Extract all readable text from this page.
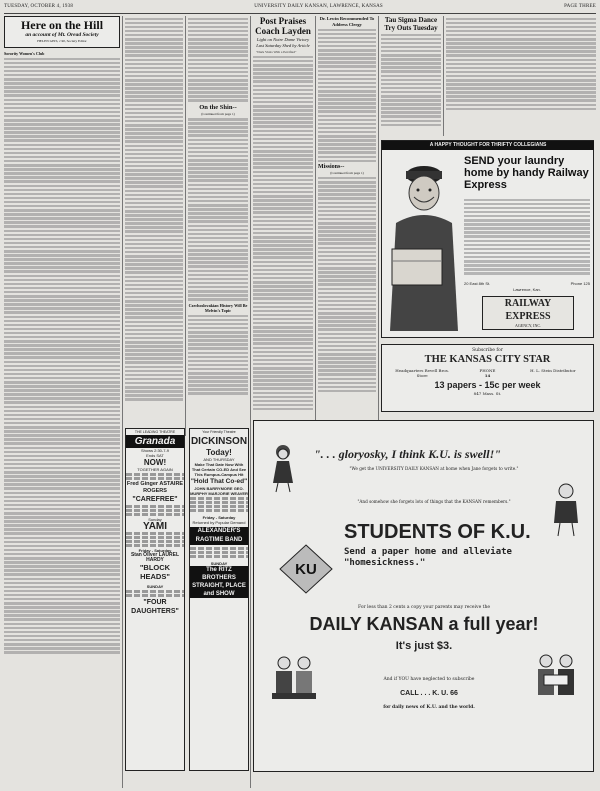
TUESDAY, OCTOBER 4, 1938	UNIVERSITY DAILY KANSAN, LAWRENCE, KANSAS	PAGE THREE
Here on the Hill
an account of Mt. Oread Society
HELEN GEIS, c'40, Society Editor
Sorority Women's Club
On the Shin--
(Continued from page 1)
Czechoslovakian History Will Be Melvin's Topic
Post Praises Coach Layden
Light on Notre Dame Victory Last Saturday Shed by Article

"Dark Visits With a Petrified"

Dr. Lewin Recommended To Address Clergy
Missions--
(Continued from page 1)
Tau Sigma Dance Try Outs Tuesday
A HAPPY THOUGHT FOR THRIFTY COLLEGIANS
SEND your laundry home by handy Railway Express
20 East 8th St.	Phone 125
Lawrence, Kan.
RAILWAY EXPRESS
AGENCY, INC.
Subscribe for
THE KANSAS CITY STAR
Headquarters Revell Bros. Store
PHONE
14
H. L. Stein Distributor
13 papers - 15c per week
847 Mass. St.
THE LEADING THEATRE
Granada
Shows 2:30-7-9
Ends SAT
NOW!
TOGETHER AGAIN
Fred Ginger ASTAIRE ROGERS
"CAREFREE"
Sunday
YAMI
Friday - Saturday
Stan Oliver LAUREL HARDY
"BLOCK HEADS"
SUNDAY
"FOUR DAUGHTERS"
Your Friendly Theatre
DICKINSON
Today!
AND THURSDAY
Make That Date Now With That Certain CO-ED And See This Rumpus-Campus Hit
"Hold That Co-ed"
JOHN BARRYMORE GEO. MURPHY MARJORIE WEAVER
Friday - Saturday
Returned by Popular Demand
ALEXANDER'S RAGTIME BAND
SUNDAY
The RITZ BROTHERS STRAIGHT, PLACE and SHOW
". . . gloryosky, I think K.U. is swell!"
"We get the UNIVERSITY DAILY KANSAN at home when Jane forgets to write."
"And somehow she forgets lots of things that the KANSAN remembers."
KU
STUDENTS OF K.U.
Send a paper home and alleviate "homesickness."
For less than 2 cents a copy your parents may receive the
DAILY KANSAN a full year!
It's just $3.
And if YOU have neglected to subscribe
CALL . . . K. U. 66
for daily news of K.U. and the world.
